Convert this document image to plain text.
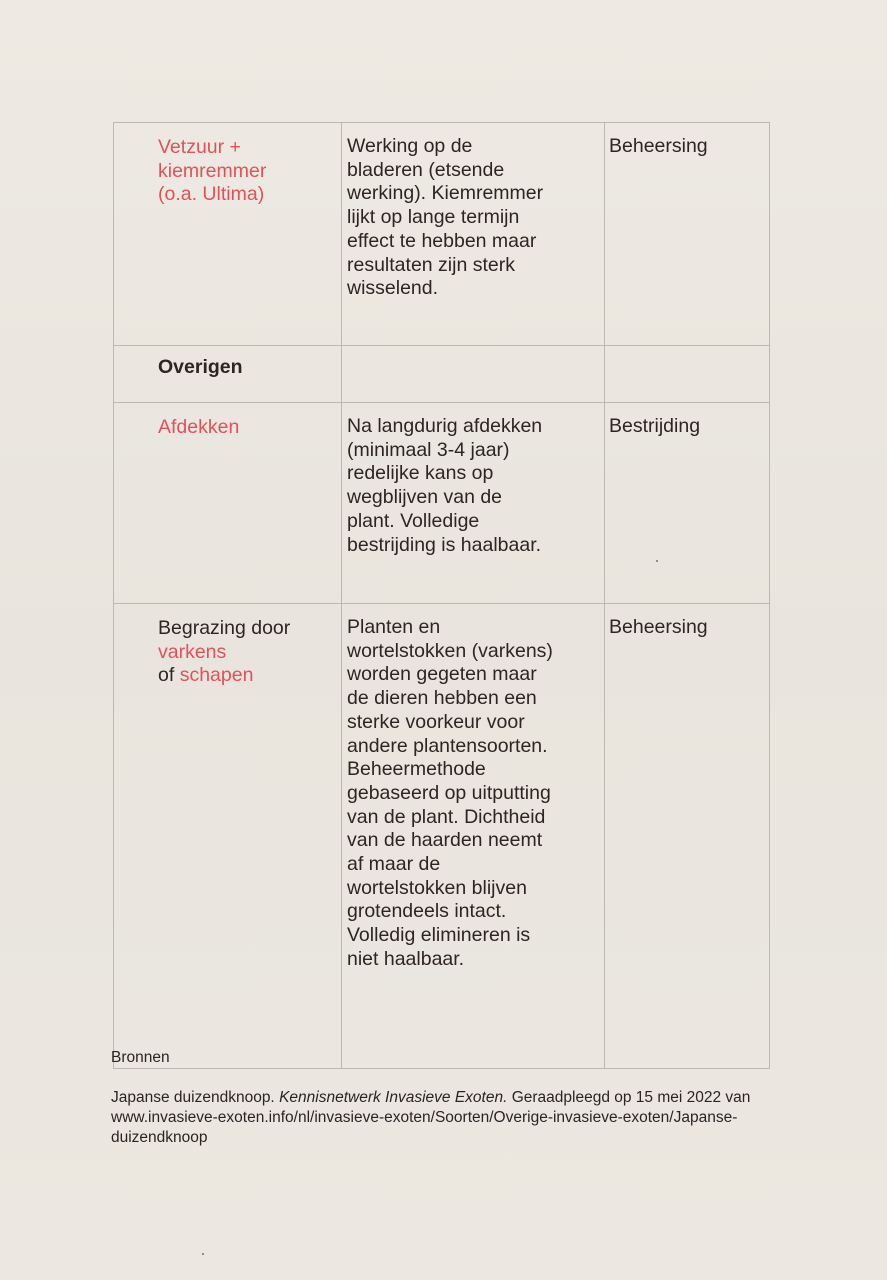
Vetzuur + kiemremmer (o.a. Ultima)	Werking op de bladeren (etsende werking). Kiemremmer lijkt op lange termijn effect te hebben maar resultaten zijn sterk wisselend.	Beheersing
Overigen		

Afdekken	Na langdurig afdekken (minimaal 3-4 jaar) redelijke kans op wegblijven van de plant. Volledige bestrijding is haalbaar.	Bestrijding

Begrazing door varkens
of schapen	Planten en wortelstokken (varkens) worden gegeten maar de dieren hebben een sterke voorkeur voor andere plantensoorten. Beheermethode gebaseerd op uitputting van de plant. Dichtheid van de haarden neemt af maar de wortelstokken blijven grotendeels intact. Volledig elimineren is niet haalbaar.	Beheersing
Bronnen
Japanse duizendknoop. Kennisnetwerk Invasieve Exoten. Geraadpleegd op 15 mei 2022 van www.invasieve-exoten.info/nl/invasieve-exoten/Soorten/Overige-invasieve-exoten/Japanse-duizendknoop
